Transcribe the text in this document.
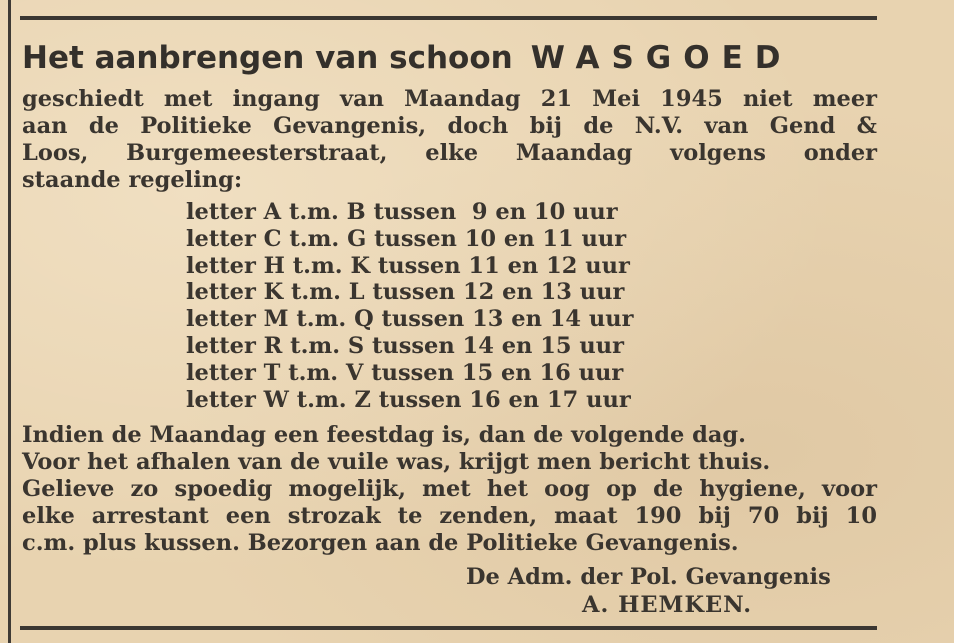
Het aanbrengen van schoon WASGOED
geschiedt met ingang van Maandag 21 Mei 1945 niet meer
aan de Politieke Gevangenis, doch bij de N.V. van Gend &
Loos, Burgemeesterstraat, elke Maandag volgens onder
staande regeling:
letter A t.m. B tussen  9 en 10 uur
letter C t.m. G tussen 10 en 11 uur
letter H t.m. K tussen 11 en 12 uur
letter K t.m. L tussen 12 en 13 uur
letter M t.m. Q tussen 13 en 14 uur
letter R t.m. S tussen 14 en 15 uur
letter T t.m. V tussen 15 en 16 uur
letter W t.m. Z tussen 16 en 17 uur
Indien de Maandag een feestdag is, dan de volgende dag.
Voor het afhalen van de vuile was, krijgt men bericht thuis.
Gelieve zo spoedig mogelijk, met het oog op de hygiene, voor
elke arrestant een strozak te zenden, maat 190 bij 70 bij 10
c.m. plus kussen. Bezorgen aan de Politieke Gevangenis.
De Adm. der Pol. Gevangenis
A. HEMKEN.
